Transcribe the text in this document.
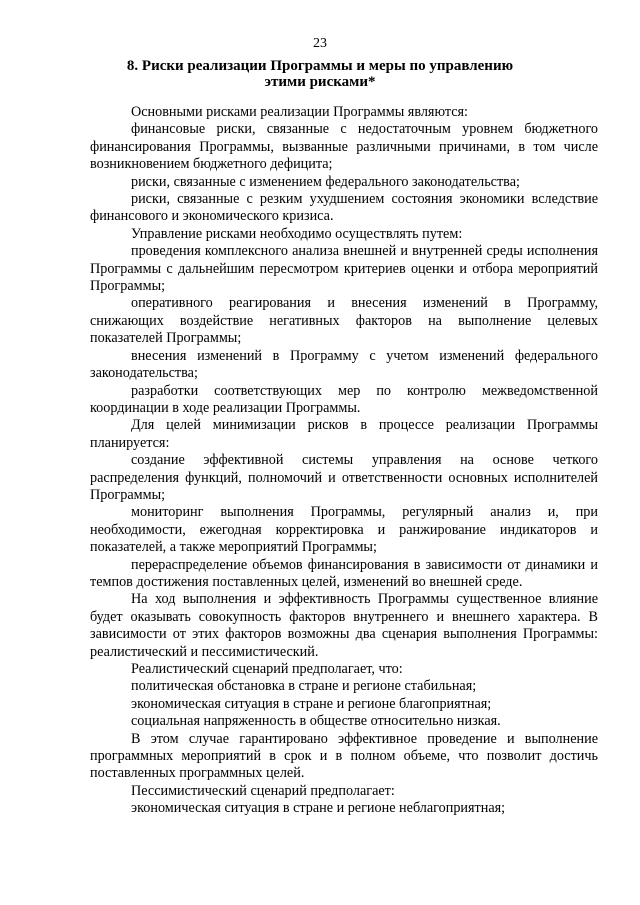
23
8. Риски реализации Программы и меры по управлению
этими рисками*

Основными рисками реализации Программы являются:

финансовые риски, связанные с недостаточным уровнем бюджетного финансирования Программы, вызванные различными причинами, в том числе возникновением бюджетного дефицита;

риски, связанные с изменением федерального законодательства;

риски, связанные с резким ухудшением состояния экономики вследствие финансового и экономического кризиса.

Управление рисками необходимо осуществлять путем:

проведения комплексного анализа внешней и внутренней среды исполнения Программы с дальнейшим пересмотром критериев оценки и отбора мероприятий Программы;

оперативного реагирования и внесения изменений в Программу, снижающих воздействие негативных факторов на выполнение целевых показателей Программы;

внесения изменений в Программу с учетом изменений федерального законодательства;

разработки соответствующих мер по контролю межведомственной координации в ходе реализации Программы.

Для целей минимизации рисков в процессе реализации Программы планируется:

создание эффективной системы управления на основе четкого распределения функций, полномочий и ответственности основных исполнителей Программы;

мониторинг выполнения Программы, регулярный анализ и, при необходимости, ежегодная корректировка и ранжирование индикаторов и показателей, а также мероприятий Программы;

перераспределение объемов финансирования в зависимости от динамики и темпов достижения поставленных целей, изменений во внешней среде.

На ход выполнения и эффективность Программы существенное влияние будет оказывать совокупность факторов внутреннего и внешнего характера. В зависимости от этих факторов возможны два сценария выполнения Программы: реалистический и пессимистический.

Реалистический сценарий предполагает, что:

политическая обстановка в стране и регионе стабильная;

экономическая ситуация в стране и регионе благоприятная;

социальная напряженность в обществе относительно низкая.

В этом случае гарантировано эффективное проведение и выполнение программных мероприятий в срок и в полном объеме, что позволит достичь поставленных программных целей.

Пессимистический сценарий предполагает:

экономическая ситуация в стране и регионе неблагоприятная;
